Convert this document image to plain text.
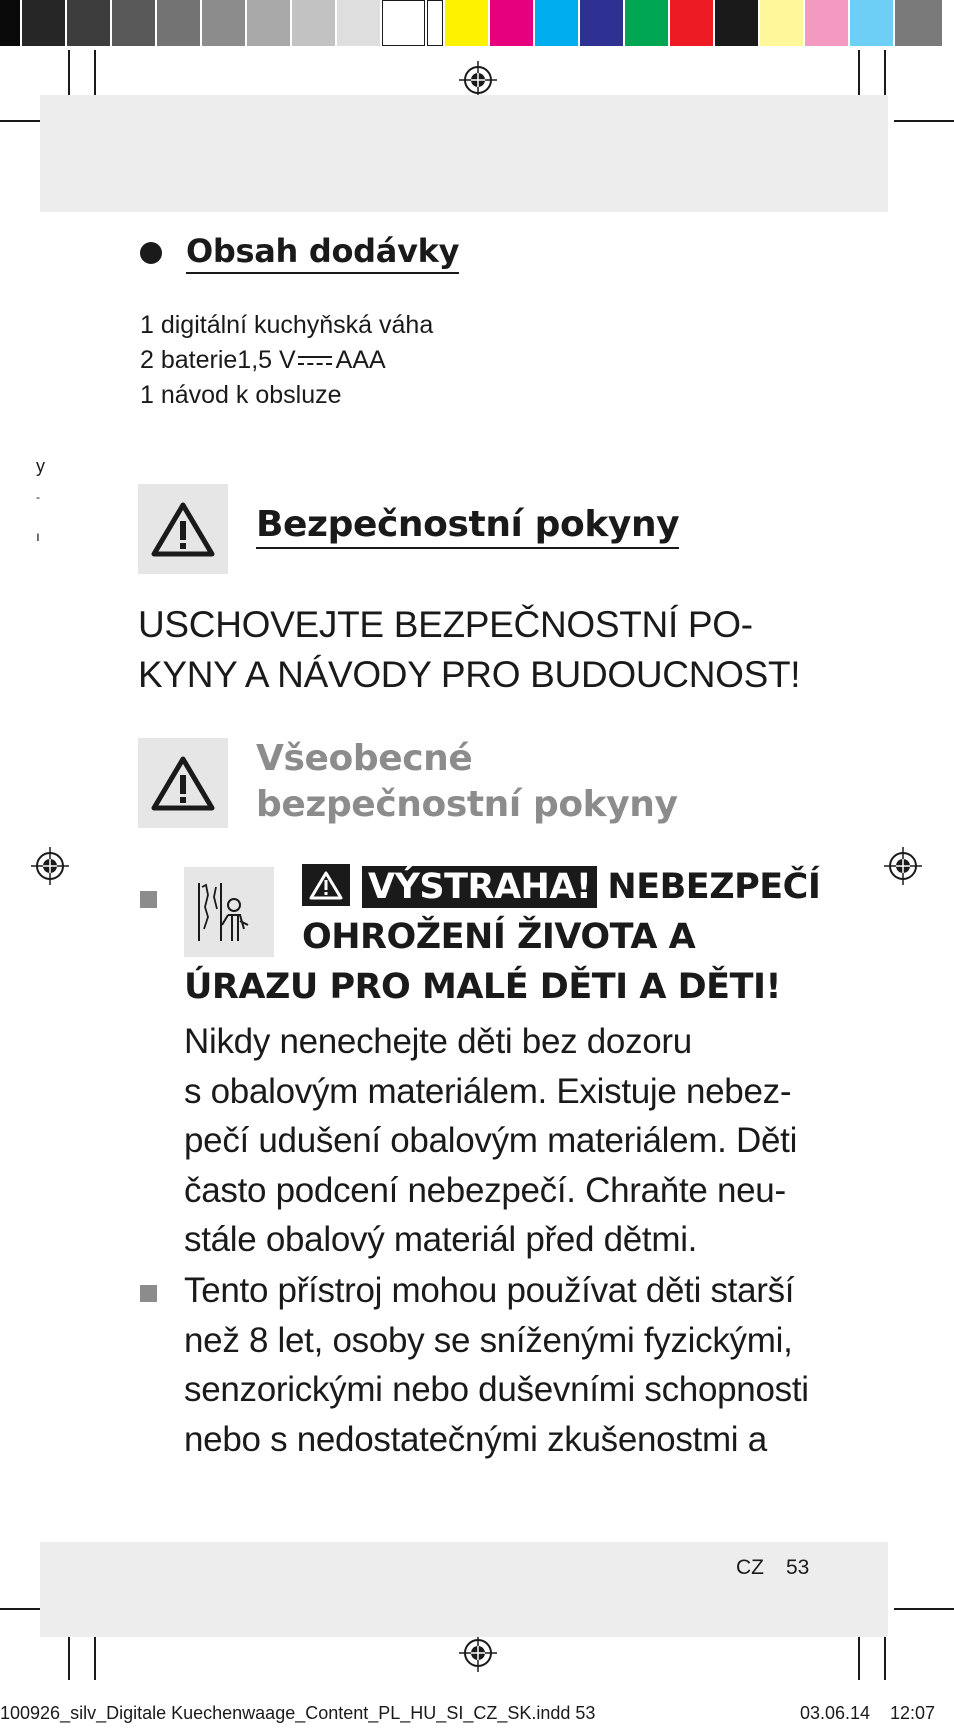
Obsah dodávky
1 digitální kuchyňská váha
2 baterie1,5 V AAA
1 návod k obsluze
y
-
ı	Bezpečnostní pokyny
USCHOVEJTE BEZPEČNOSTNÍ PO-
KYNY A NÁVODY PRO BUDOUCNOST!
Všeobecné
bezpečnostní pokyny
VÝSTRAHA! NEBEZPEČÍ
OHROŽENÍ ŽIVOTA A
ÚRAZU PRO MALÉ DĚTI A DĚTI!
Nikdy nenechejte děti bez dozoru
s obalovým materiálem. Existuje nebez-
pečí udušení obalovým materiálem. Děti
často podcení nebezpečí. Chraňte neu-
stále obalový materiál před dětmi.
Tento přístroj mohou používat děti starší
než 8 let, osoby se sníženými fyzickými,
senzorickými nebo duševními schopnosti
nebo s nedostatečnými zkušenostmi a
CZ 53
100926_silv_Digitale Kuechenwaage_Content_PL_HU_SI_CZ_SK.indd 53	03.06.14 12:07
